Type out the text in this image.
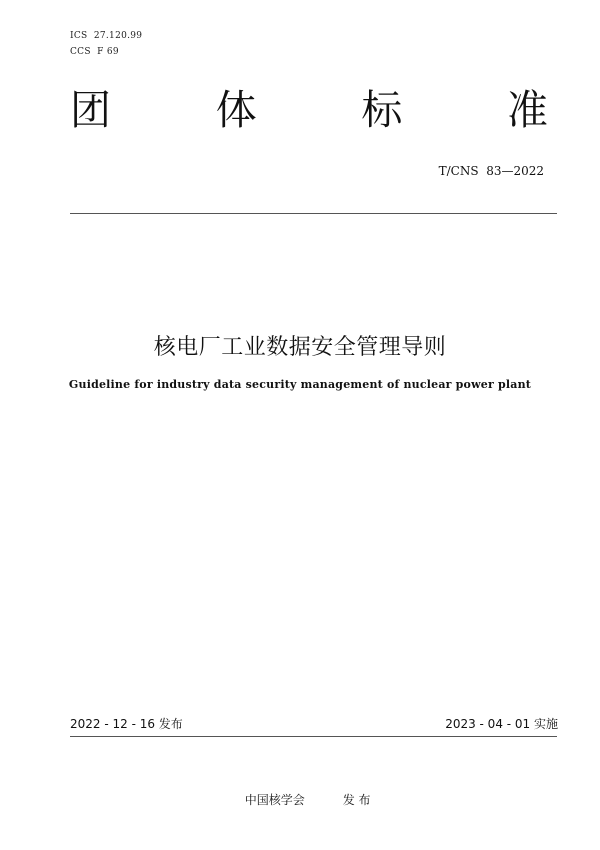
ICS  27.120.99
CCS  F 69
团	体	标	准
T/CNS  83—2022
核电厂工业数据安全管理导则
Guideline for industry data security management of nuclear power plant
2022 - 12 - 16 发布	2023 - 04 - 01 实施

中国核学会	发 布
